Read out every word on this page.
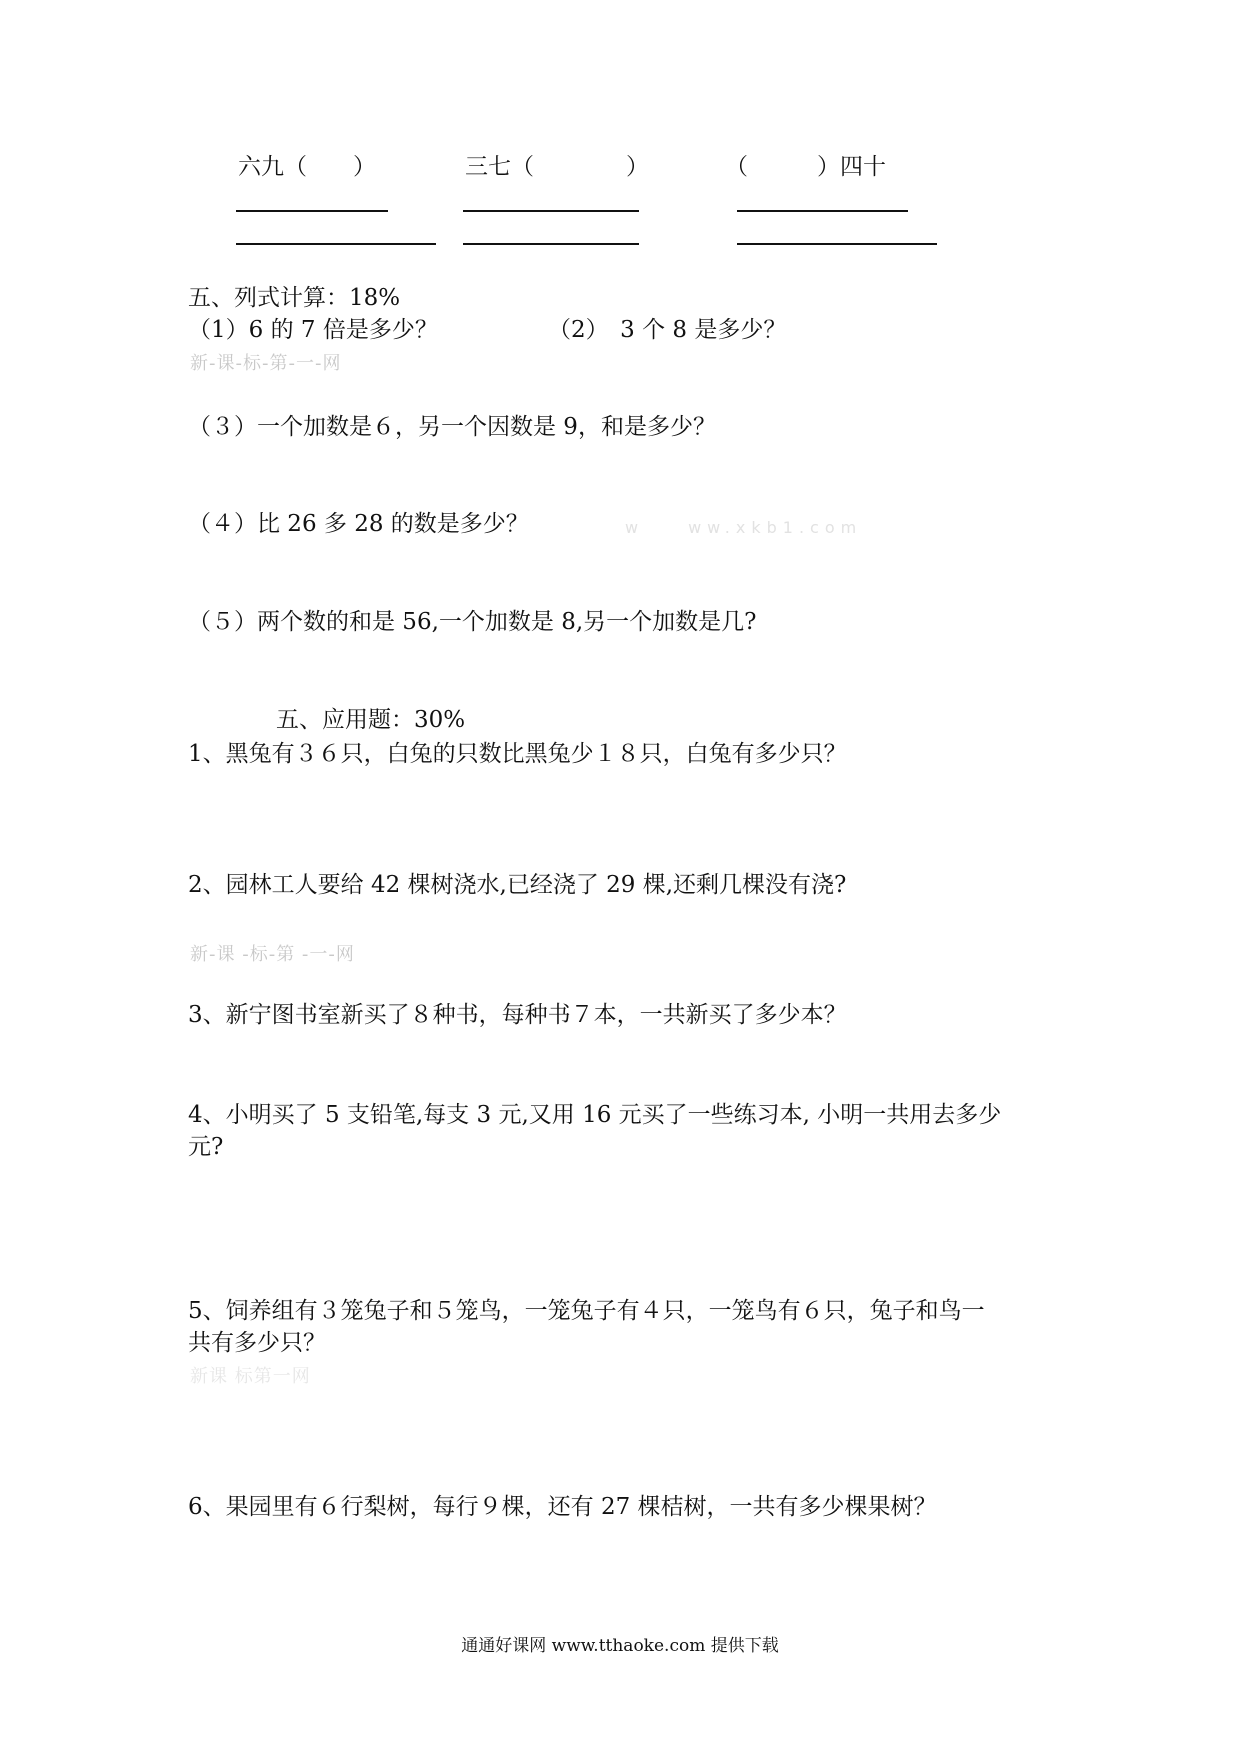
六九（　　）	三七（　　　　）	（　　　）四十
五、列式计算：18%
（1）6 的 7 倍是多少？	（2）　3 个 8 是多少？
新-课-标-第-一-网
（３）一个加数是６，另一个因数是 9，和是多少？
（４）比 26 多 28 的数是多少？	w　　ww.xkb1.com
（５）两个数的和是 56,一个加数是 8,另一个加数是几?
五、应用题：30%
1、黑兔有３６只，白兔的只数比黑兔少１８只，白兔有多少只？
2、园林工人要给 42 棵树浇水,已经浇了 29 棵,还剩几棵没有浇?
新-课 -标-第 -一-网
3、新宁图书室新买了８种书，每种书７本，一共新买了多少本？
4、小明买了 5 支铅笔,每支 3 元,又用 16 元买了一些练习本, 小明一共用去多少
元?
5、饲养组有３笼兔子和５笼鸟，一笼兔子有４只，一笼鸟有６只，兔子和鸟一
共有多少只？
新课 标第一网
6、果园里有６行梨树，每行９棵，还有 27 棵桔树，一共有多少棵果树？
通通好课网 www.tthaoke.com 提供下载
